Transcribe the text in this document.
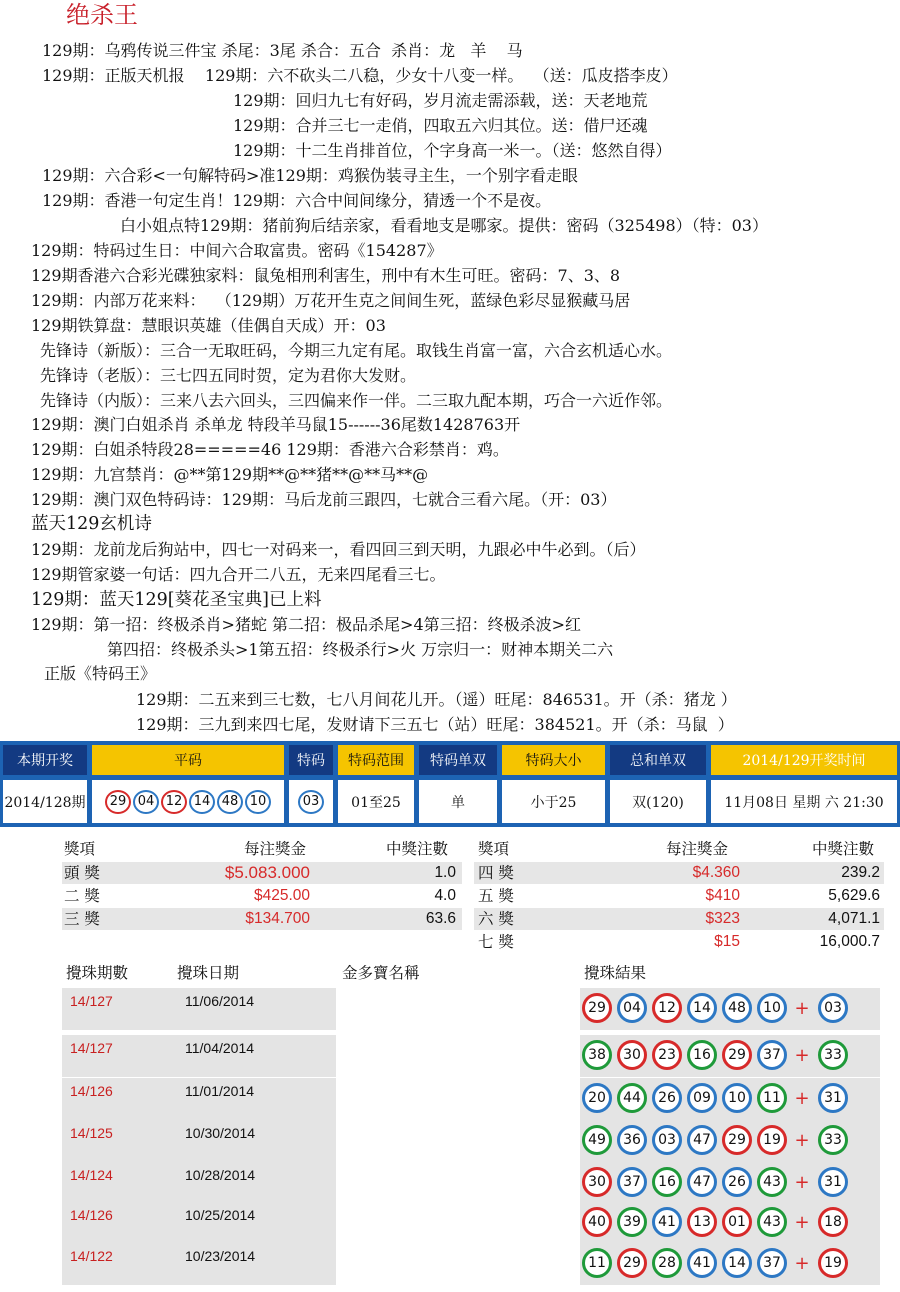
绝杀王
129期：乌鸦传说三件宝 杀尾：3尾 杀合：五合  杀肖：龙   羊    马
129期：正版天机报    129期：六不砍头二八稳，少女十八变一样。  （送：瓜皮搭李皮）
129期：回归九七有好码，岁月流走需添载，送：天老地荒
129期：合并三七一走俏，四取五六归其位。送：借尸还魂
129期：十二生肖排首位，个字身高一米一。（送：悠然自得）
129期：六合彩<一句解特码>准129期：鸡猴伪装寻主生，一个别字看走眼
129期：香港一句定生肖！129期：六合中间间缘分，猜透一个不是夜。
白小姐点特129期：猪前狗后结亲家，看看地支是哪家。提供：密码（325498）（特：03）
129期：特码过生日：中间六合取富贵。密码《154287》
129期香港六合彩光碟独家料：鼠兔相刑利害生，刑中有木生可旺。密码：7、3、8
129期：内部万花来料：  （129期）万花开生克之间间生死，蓝绿色彩尽显猴藏马居
129期铁算盘：慧眼识英雄（佳偶自天成）开：03
先锋诗（新版）：三合一无取旺码，今期三九定有尾。取钱生肖富一富，六合玄机适心水。
先锋诗（老版）：三七四五同时贺，定为君你大发财。
先锋诗（内版）：三来八去六回头，三四偏来作一伴。二三取九配本期，巧合一六近作邻。
129期：澳门白姐杀肖 杀单龙 特段羊马鼠15------36尾数1428763开
129期：白姐杀特段28=====46 129期：香港六合彩禁肖：鸡。
129期：九宫禁肖：@**第129期**@**猪**@**马**@
129期：澳门双色特码诗：129期：马后龙前三跟四，七就合三看六尾。（开：03）
蓝天129玄机诗
129期：龙前龙后狗站中，四七一对码来一，看四回三到天明，九跟必中牛必到。（后）
129期管家婆一句话：四九合开二八五，无来四尾看三七。
129期：蓝天129[葵花圣宝典]已上料
129期：第一招：终极杀肖>猪蛇 第二招：极品杀尾>4第三招：终极杀波>红
第四招：终极杀头>1第五招：终极杀行>火 万宗归一：财神本期关二六
正版《特码王》
129期：二五来到三七数，七八月间花儿开。（遥）旺尾：846531。开（杀：猪龙 ）
129期：三九到来四七尾，发财请下三五七（站）旺尾：384521。开（杀：马鼠  ）
本期开奖	平码	特码	特码范围	特码单双	特码大小	总和单双	2014/129开奖时间
2014/128期	29 04 12 14 48 10	03	01至25	单	小于25	双(120)	11月08日 星期 六 21:30
獎項	每注獎金	中獎注數 獎項	每注獎金	中獎注數
頭 獎	$5.083.000	1.0
二 獎	$425.00	4.0
三 獎	$134.700	63.6
四 獎	$4.360	239.2
五 獎	$410	5,629.6
六 獎	$323	4,071.1
七 獎	$15	16,000.7
攪珠期數	攪珠日期	金多寶名稱	攪珠結果
14/127	11/06/2014	29	04	12	14	48	10 +	03
14/127	11/04/2014	38	30	23	16	29	37 +	33
14/126	11/01/2014	20	44	26	09	10	11 +	31
14/125	10/30/2014	49	36	03	47	29	19 +	33
14/124	10/28/2014	30	37	16	47	26	43 +	31
14/126	10/25/2014	40	39	41	13	01	43 +	18
14/122	10/23/2014	11	29	28	41	14	37 +	19
